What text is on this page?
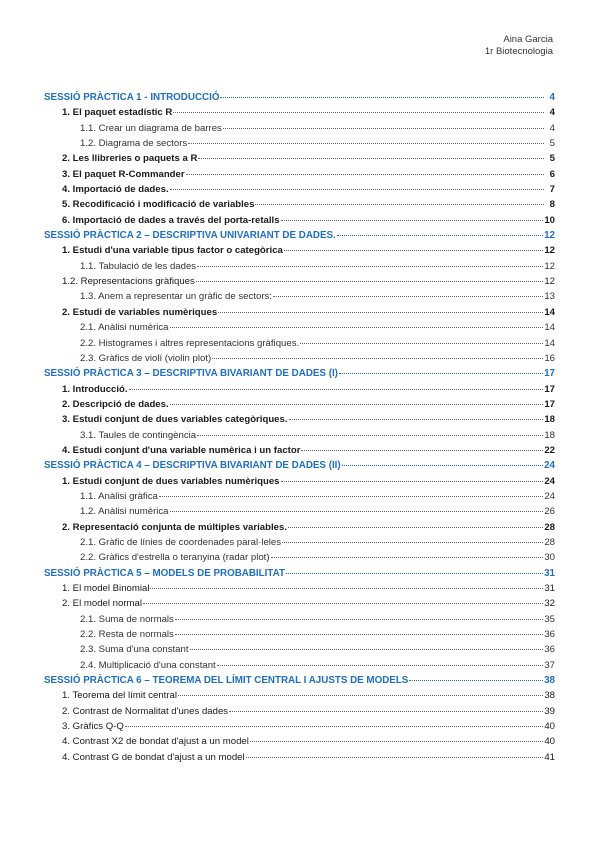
Aina Garcia
1r Biotecnologia
SESSIÓ PRÀCTICA 1 - INTRODUCCIÓ	4
1. El paquet estadístic R	4
1.1. Crear un diagrama de barres	4
1.2. Diagrama de sectors	5
2. Les llibreries o paquets a R	5
3. El paquet R-Commander	6
4. Importació de dades.	7
5. Recodificació i modificació de variables	8
6. Importació de dades a través del porta-retalls	10
SESSIÓ PRÀCTICA 2 – DESCRIPTIVA UNIVARIANT DE DADES.	12
1. Estudi d'una variable tipus factor o categòrica	12
1.1. Tabulació de les dades	12
1.2. Representacions gràfiques	12
1.3. Anem a representar un gràfic de sectors:	13
2. Estudi de variables numèriques	14
2.1. Anàlisi numèrica	14
2.2. Histogrames i altres representacions gràfiques.	14
2.3. Gràfics de violí (violin plot)	16
SESSIÓ PRÀCTICA 3 – DESCRIPTIVA BIVARIANT DE DADES (I)	17
1. Introducció.	17
2. Descripció de dades.	17
3. Estudi conjunt de dues variables categòriques.	18
3.1. Taules de contingència	18
4. Estudi conjunt d'una variable numèrica i un factor	22
SESSIÓ PRÀCTICA 4 – DESCRIPTIVA BIVARIANT DE DADES (II)	24
1. Estudi conjunt de dues variables numèriques	24
1.1. Anàlisi gràfica	24
1.2. Anàlisi numèrica	26
2. Representació conjunta de múltiples variables.	28
2.1. Gràfic de línies de coordenades paral·leles	28
2.2. Gràfics d'estrella o teranyina (radar plot)	30
SESSIÓ PRÀCTICA 5 – MODELS DE PROBABILITAT	31
1. El model Binomial	31
2. El model normal	32
2.1. Suma de normals	35
2.2. Resta de normals	36
2.3. Suma d'una constant	36
2.4. Multiplicació d'una constant	37
SESSIÓ PRÀCTICA 6 – TEOREMA DEL LÍMIT CENTRAL I AJUSTS DE MODELS	38
1. Teorema del límit central	38
2. Contrast de Normalitat d'unes dades	39
3. Gràfics Q-Q	40
4. Contrast X2 de bondat d'ajust a un model	40
4. Contrast G de bondat d'ajust a un model	41
